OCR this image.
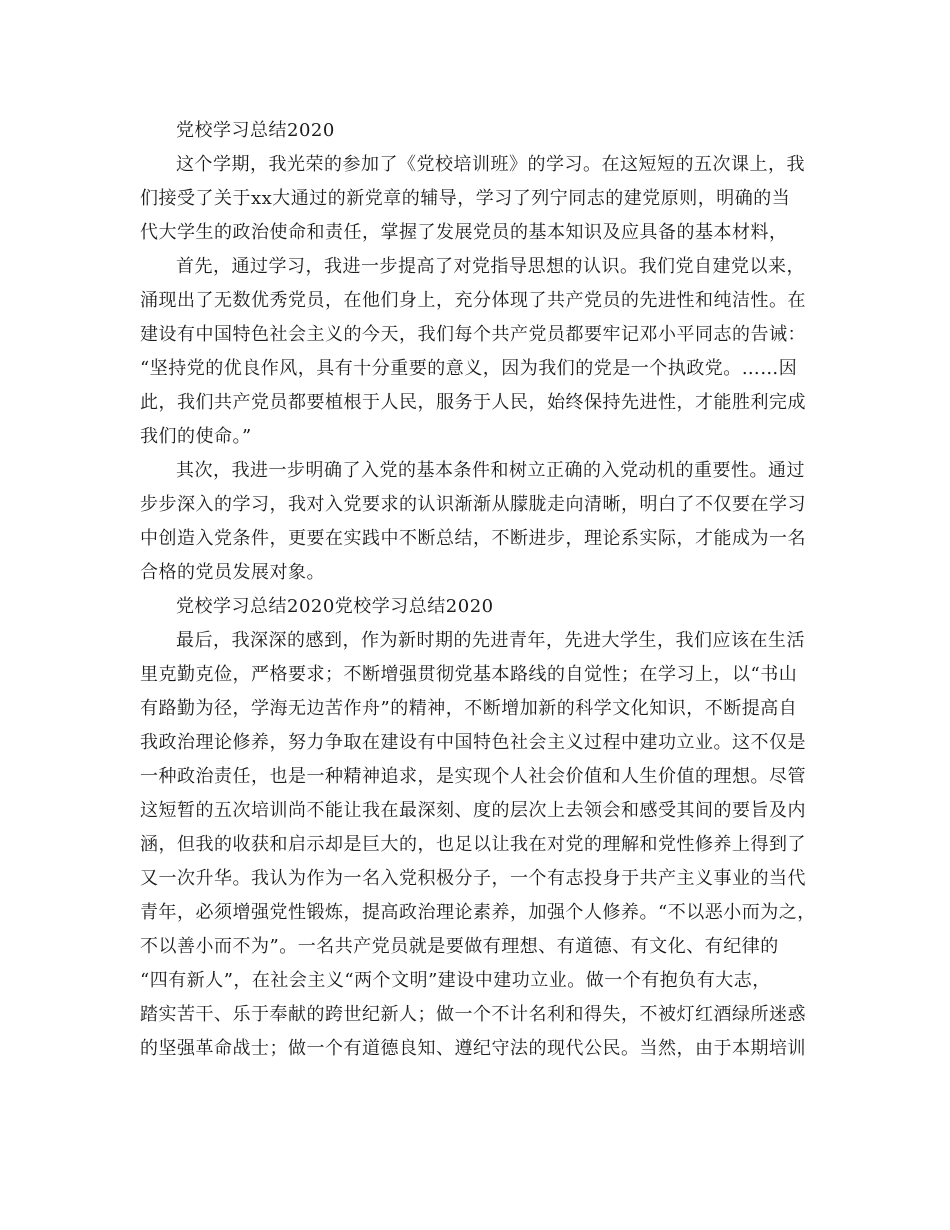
党校学习总结2020
这个学期，我光荣的参加了《党校培训班》的学习。在这短短的五次课上，我
们接受了关于xx大通过的新党章的辅导，学习了列宁同志的建党原则，明确的当
代大学生的政治使命和责任，掌握了发展党员的基本知识及应具备的基本材料，
首先，通过学习，我进一步提高了对党指导思想的认识。我们党自建党以来，
涌现出了无数优秀党员，在他们身上，充分体现了共产党员的先进性和纯洁性。在
建设有中国特色社会主义的今天，我们每个共产党员都要牢记邓小平同志的告诫：
“坚持党的优良作风，具有十分重要的意义，因为我们的党是一个执政党。……因
此，我们共产党员都要植根于人民，服务于人民，始终保持先进性，才能胜利完成
我们的使命。”
其次，我进一步明确了入党的基本条件和树立正确的入党动机的重要性。通过
步步深入的学习，我对入党要求的认识渐渐从朦胧走向清晰，明白了不仅要在学习
中创造入党条件，更要在实践中不断总结，不断进步，理论系实际，才能成为一名
合格的党员发展对象。
党校学习总结2020党校学习总结2020
最后，我深深的感到，作为新时期的先进青年，先进大学生，我们应该在生活
里克勤克俭，严格要求；不断增强贯彻党基本路线的自觉性；在学习上，以“书山
有路勤为径，学海无边苦作舟”的精神，不断增加新的科学文化知识，不断提高自
我政治理论修养，努力争取在建设有中国特色社会主义过程中建功立业。这不仅是
一种政治责任，也是一种精神追求，是实现个人社会价值和人生价值的理想。尽管
这短暂的五次培训尚不能让我在最深刻、度的层次上去领会和感受其间的要旨及内
涵，但我的收获和启示却是巨大的，也足以让我在对党的理解和党性修养上得到了
又一次升华。我认为作为一名入党积极分子，一个有志投身于共产主义事业的当代
青年，必须增强党性锻炼，提高政治理论素养，加强个人修养。“不以恶小而为之，
不以善小而不为”。一名共产党员就是要做有理想、有道德、有文化、有纪律的
“四有新人”，在社会主义“两个文明”建设中建功立业。做一个有抱负有大志，
踏实苦干、乐于奉献的跨世纪新人；做一个不计名利和得失，不被灯红酒绿所迷惑
的坚强革命战士；做一个有道德良知、遵纪守法的现代公民。当然，由于本期培训
